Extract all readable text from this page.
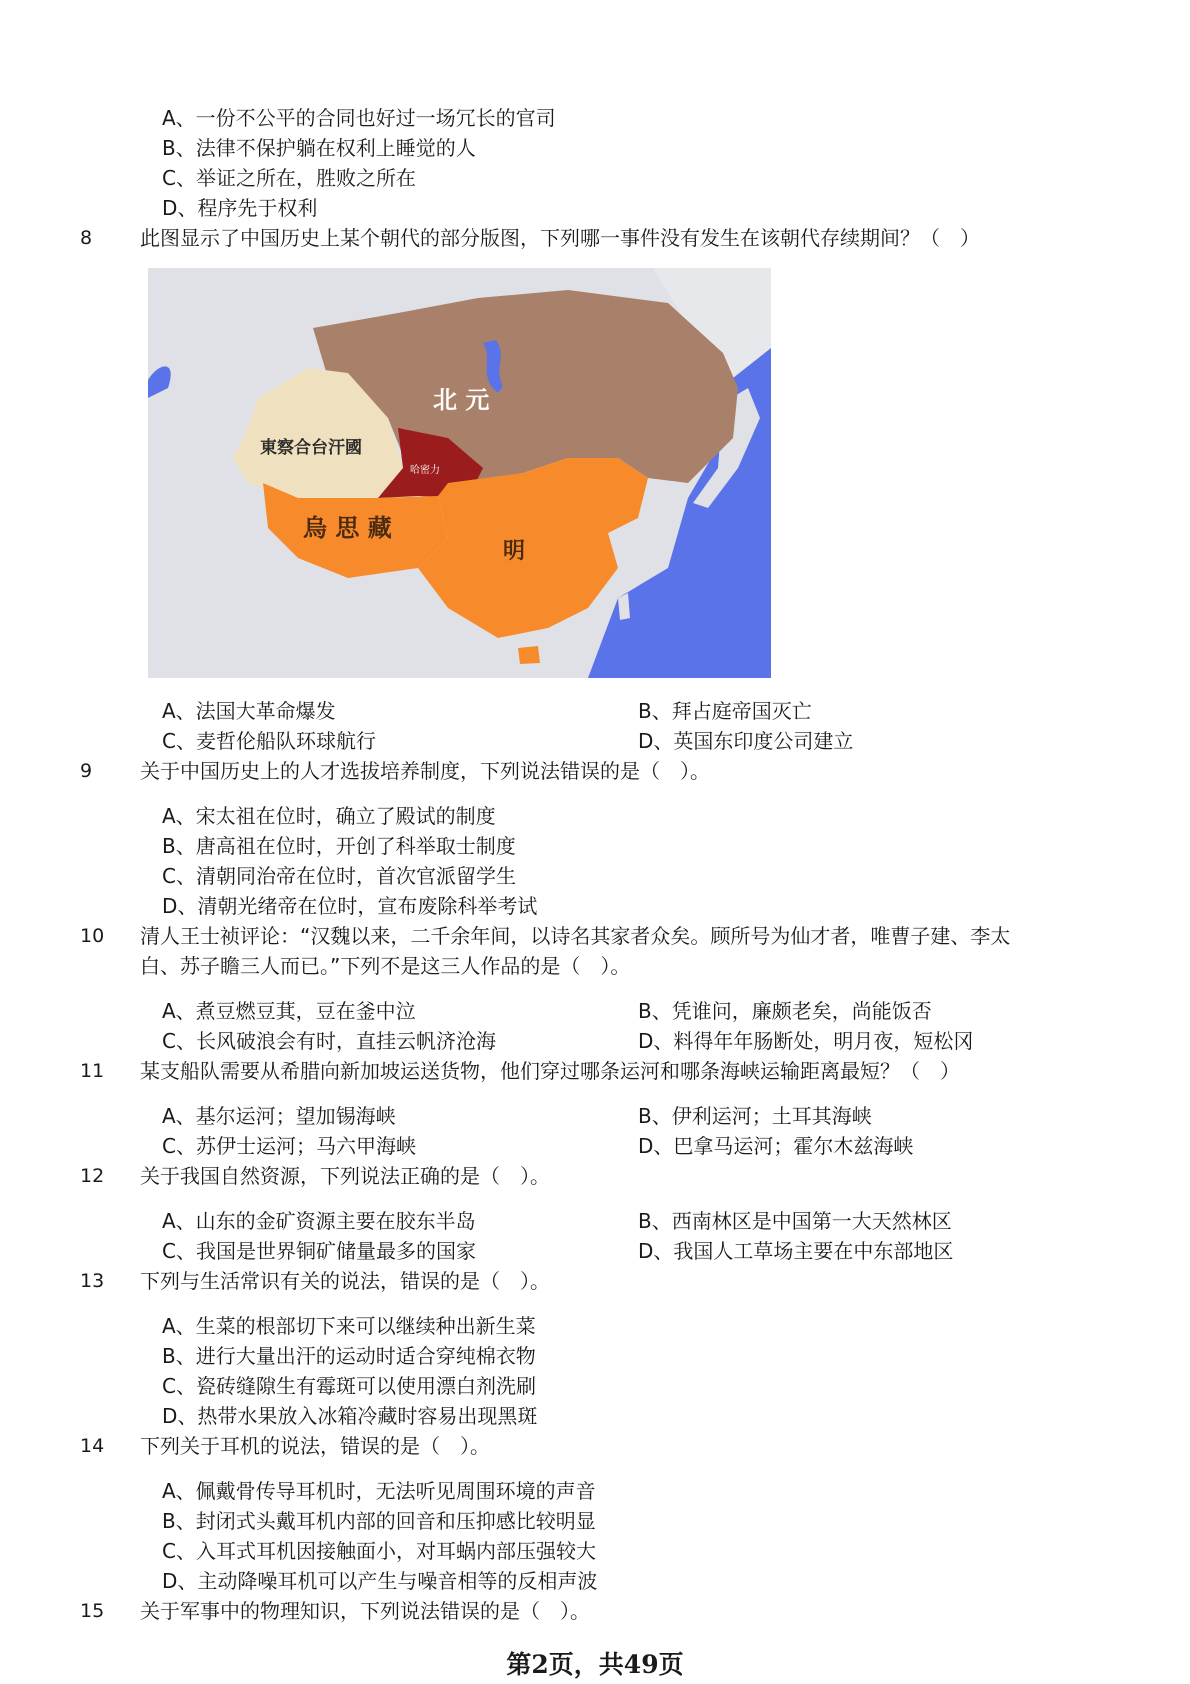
A、一份不公平的合同也好过一场冗长的官司
B、法律不保护躺在权利上睡觉的人
C、举证之所在，胜败之所在
D、程序先于权利
8 此图显示了中国历史上某个朝代的部分版图，下列哪一事件没有发生在该朝代存续期间？（　）
北 元
東察合台汗國
哈密力
烏 思 藏
明
A、法国大革命爆发	B、拜占庭帝国灭亡
C、麦哲伦船队环球航行	D、英国东印度公司建立
9 关于中国历史上的人才选拔培养制度，下列说法错误的是（　）。
A、宋太祖在位时，确立了殿试的制度
B、唐高祖在位时，开创了科举取士制度
C、清朝同治帝在位时，首次官派留学生
D、清朝光绪帝在位时，宣布废除科举考试
10 清人王士祯评论：“汉魏以来，二千余年间，以诗名其家者众矣。顾所号为仙才者，唯曹子建、李太
白、苏子瞻三人而已。”下列不是这三人作品的是（　）。
A、煮豆燃豆萁，豆在釜中泣	B、凭谁问，廉颇老矣，尚能饭否
C、长风破浪会有时，直挂云帆济沧海	D、料得年年肠断处，明月夜，短松冈
11 某支船队需要从希腊向新加坡运送货物，他们穿过哪条运河和哪条海峡运输距离最短？（　）
A、基尔运河；望加锡海峡	B、伊利运河；土耳其海峡
C、苏伊士运河；马六甲海峡	D、巴拿马运河；霍尔木兹海峡
12 关于我国自然资源，下列说法正确的是（　）。
A、山东的金矿资源主要在胶东半岛	B、西南林区是中国第一大天然林区
C、我国是世界铜矿储量最多的国家	D、我国人工草场主要在中东部地区
13 下列与生活常识有关的说法，错误的是（　）。
A、生菜的根部切下来可以继续种出新生菜
B、进行大量出汗的运动时适合穿纯棉衣物
C、瓷砖缝隙生有霉斑可以使用漂白剂洗刷
D、热带水果放入冰箱冷藏时容易出现黑斑
14 下列关于耳机的说法，错误的是（　）。
A、佩戴骨传导耳机时，无法听见周围环境的声音
B、封闭式头戴耳机内部的回音和压抑感比较明显
C、入耳式耳机因接触面小，对耳蜗内部压强较大
D、主动降噪耳机可以产生与噪音相等的反相声波
15 关于军事中的物理知识，下列说法错误的是（　）。
第2页，共49页
